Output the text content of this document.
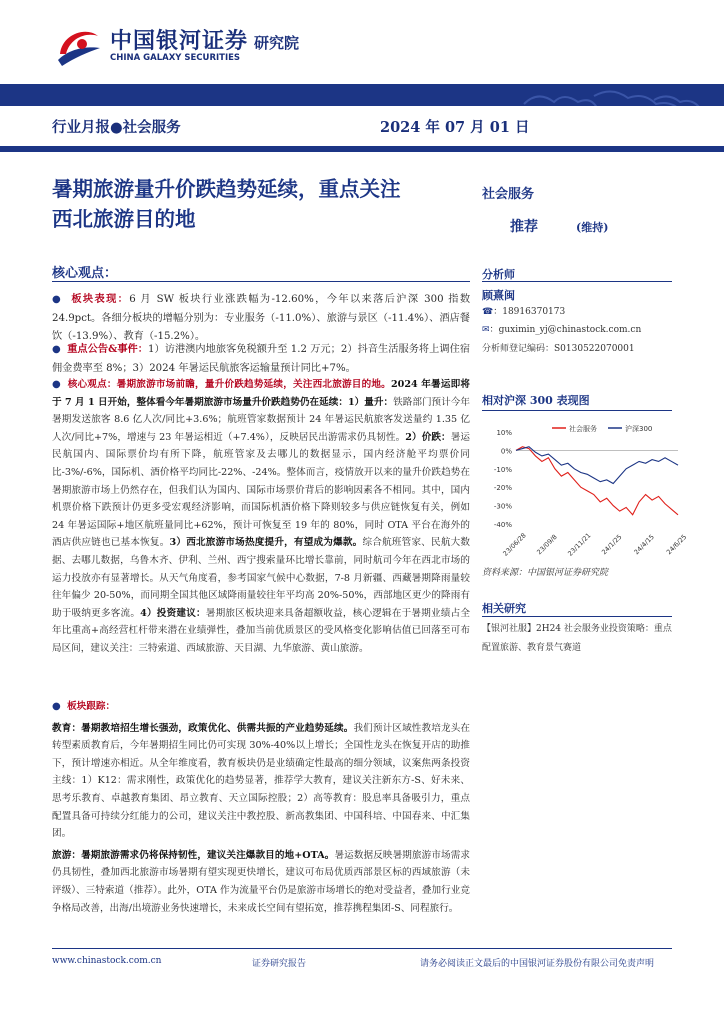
中国银河证券
CHINA GALAXY SECURITIES
研究院
行业月报●社会服务	2024 年 07 月 01 日
暑期旅游量升价跌趋势延续，重点关注
西北旅游目的地
社会服务
推荐	(维持)
核心观点：
●  板块表现：6 月 SW 板块行业涨跌幅为-12.60%，今年以来落后沪深 300 指数 24.9pct。各细分板块的增幅分别为：专业服务（-11.0%）、旅游与景区（-11.4%）、酒店餐饮（-13.9%）、教育（-15.2%）。
●  重点公告&事件：1）访港澳内地旅客免税额升至 1.2 万元；2）抖音生活服务将上调住宿佣金费率至 8%；3）2024 年暑运民航旅客运输量预计同比+7%。
●  核心观点：暑期旅游市场前瞻，量升价跌趋势延续，关注西北旅游目的地。2024 年暑运即将于 7 月 1 日开始，整体看今年暑期旅游市场量升价跌趋势仍在延续：1）量升：铁路部门预计今年暑期发送旅客 8.6 亿人次/同比+3.6%；航班管家数据预计 24 年暑运民航旅客发送量约 1.35 亿人次/同比+7%，增速与 23 年暑运相近（+7.4%），反映居民出游需求仍具韧性。2）价跌：暑运民航国内、国际票价均有所下降，航班管家及去哪儿的数据显示，国内经济舱平均票价同比-3%/-6%，国际机、酒价格平均同比-22%、-24%。整体而言，疫情放开以来的量升价跌趋势在暑期旅游市场上仍然存在，但我们认为国内、国际市场票价背后的影响因素各不相同。其中，国内机票价格下跌预计仍更多受宏观经济影响，而国际机酒价格下降则较多与供应链恢复有关，例如 24 年暑运国际+地区航班量同比+62%，预计可恢复至 19 年的 80%，同时 OTA 平台在海外的酒店供应链也已基本恢复。3）西北旅游市场热度提升，有望成为爆款。综合航班管家、民航大数据、去哪儿数据，乌鲁木齐、伊利、兰州、西宁搜索量环比增长靠前，同时航司今年在西北市场的运力投放亦有显著增长。从天气角度看，参考国家气候中心数据，7-8 月新疆、西藏暑期降雨量较往年偏少 20-50%，而同期全国其他区域降雨量较往年平均高 20%-50%，西部地区更少的降雨有助于吸纳更多客流。4）投资建议：暑期旅区板块迎来具备超额收益，核心逻辑在于暑期业绩占全年比重高+高经营杠杆带来潜在业绩弹性，叠加当前优质景区的受风格变化影响估值已回落至可布局区间，建议关注：三特索道、西域旅游、天目湖、九华旅游、黄山旅游。
●  板块跟踪：
教育：暑期教培招生增长强劲，政策优化、供需共振的产业趋势延续。我们预计区域性教培龙头在转型素质教育后，今年暑期招生同比仍可实现 30%-40%以上增长；全国性龙头在恢复开店的助推下，预计增速亦相近。从全年维度看，教育板块仍是业绩确定性最高的细分领域，议案焦两条投资主线：1）K12：需求刚性，政策优化的趋势显著，推荐学大教育，建议关注新东方-S、好未来、思考乐教育、卓越教育集团、昂立教育、天立国际控股；2）高等教育：股息率具备吸引力，重点配置具备可持续分红能力的公司，建议关注中教控股、新高教集团、中国科培、中国春来、中汇集团。
旅游：暑期旅游需求仍将保持韧性，建议关注爆款目的地+OTA。暑运数据反映暑期旅游市场需求仍具韧性，叠加西北旅游市场暑期有望实现更快增长，建议可布局优质西部景区标的西域旅游（未评级）、三特索道（推荐）。此外，OTA 作为流量平台仍是旅游市场增长的绝对受益者，叠加行业竞争格局改善，出海/出境游业务快速增长，未来成长空间有望拓宽，推荐携程集团-S、同程旅行。
分析师
顾熹闽
☎：18916370173
✉：guximin_yj@chinastock.com.cn
分析师登记编码：S0130522070001
相对沪深 300 表现图
10%
0%
-10%
-20%
-30%
-40%
23/06/28 23/09/8 23/11/21 24/1/25 24/4/15 24/6/25
社会服务	沪深300
资料来源：中国银河证券研究院
相关研究
【银河社服】2H24 社会服务业投资策略：重点配置旅游、教育景气赛道
www.chinastock.com.cn	证券研究报告	请务必阅读正文最后的中国银河证券股份有限公司免责声明
